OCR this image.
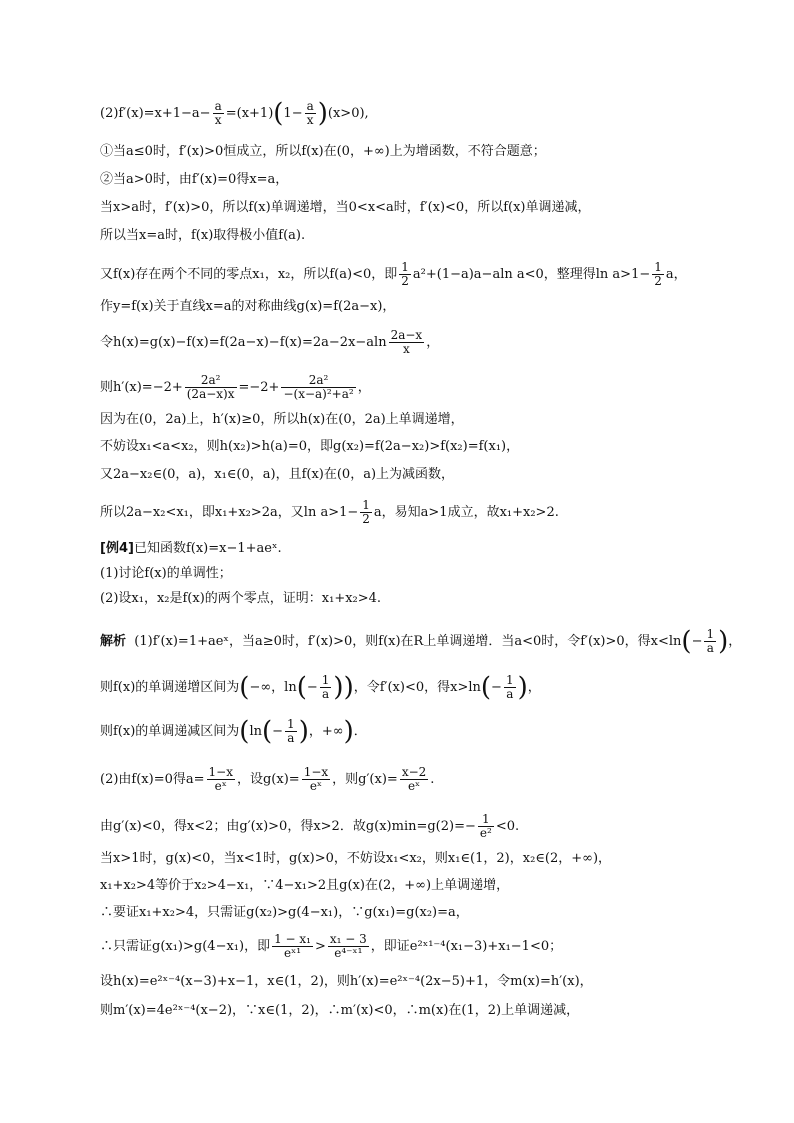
$(2)f'(x)=x+1-a- \frac{a}{x} =(x+1)(1- \frac{a}{x} )(x>0)$,
①当a≤0时，f′(x)>0恒成立，所以f(x)在(0，+∞)上为增函数，不符合题意；
②当a>0时，由f′(x)=0得x=a，
当x>a时，f′(x)>0，所以f(x)单调递增，当0<x<a时，f′(x)<0，所以f(x)单调递减，
所以当x=a时，f(x)取得极小值f(a).
又f(x)存在两个不同的零点x₁，x₂，所以f(a)<0，即 $\frac{1}{2} a^2+(1-a)a-aln$ a<0，整理得$\ln a>1- \frac{1}{2}$ a，
作y=f(x)关于直线x=a的对称曲线g(x)=f(2a−x)，
令$h(x)=g(x)-f(x)=f(2a-x)-f(x)=2a-2x-aln \frac{2a-x}{x}$ ，
则$h'(x)=-2+ \frac{\text{2a²}}{(2a-x)x} =-2+ \frac{\text{2a²}}{\text{−(x−a)²+a²}}$ ，
因为在(0，2a)上，h′(x)≥0，所以h(x)在(0，2a)上单调递增，
不妨设x₁<a<x₂，则h(x₂)>h(a)=0，即g(x₂)=f(2a−x₂)>f(x₂)=f(x₁)，
又2a−x₂∈(0，a)，x₁∈(0，a)，且f(x)在(0，a)上为减函数，
所以2a−x₂<x₁，即x₁+x₂>2a，又$\ln a>1- \frac{1}{2}$ a，易知a>1成立，故x₁+x₂>2.
[例4]已知函数f(x)=x−1+aeˣ.
(1)讨论f(x)的单调性；
(2)设x₁，x₂是f(x)的两个零点，证明：x₁+x₂>4.
解析 (1)f′(x)=1+aeˣ，当a≥0时，f′(x)>0，则f(x)在R上单调递增．当a<0时，令f′(x)>0，得$x<\ln(- \frac{1}{a}$ )，
则f(x)的单调递增区间为(−∞，$\ln(- \frac{1}{a}$ ))，令f′(x)<0，得$x>\ln(- \frac{1}{a}$ )，
则f(x)的单调递减区间为($\ln(- \frac{1}{a}$ )，+∞)．
(2)由f(x)=0得$a= \frac{1-x}{\text{eˣ}}$ ，设$g(x)= \frac{1-x}{\text{eˣ}}$ ，则$g'(x)= \frac{x-2}{\text{eˣ}}$ .
由g′(x)<0，得x<2；由g′(x)>0，得x>2．故$g(x)\min=g(2)=- \frac{1}{\text{e²}} <0$.
当x>1时，g(x)<0，当x<1时，g(x)>0，不妨设x₁<x₂，则x₁∈(1，2)，x₂∈(2，+∞)，
x₁+x₂>4等价于x₂>4−x₁，∵4−x₁>2且g(x)在(2，+∞)上单调递增，
∴要证x₁+x₂>4，只需证g(x₂)>g(4−x₁)，∵g(x₁)=g(x₂)=a，
∴只需证g(x₁)>g(4−x₁)，即 $\frac{\text{1 − x₁}}{\text{eˣ¹}} > \frac{\text{x₁ − 3}}{\text{e⁴⁻ˣ¹}}$ ，即证e²ˣ¹⁻⁴(x₁−3)+x₁−1<0；
设h(x)=e²ˣ⁻⁴(x−3)+x−1，x∈(1，2)，则h′(x)=e²ˣ⁻⁴(2x−5)+1，令m(x)=h′(x)，
则m′(x)=4e²ˣ⁻⁴(x−2)，∵x∈(1，2)，∴m′(x)<0，∴m(x)在(1，2)上单调递减，
